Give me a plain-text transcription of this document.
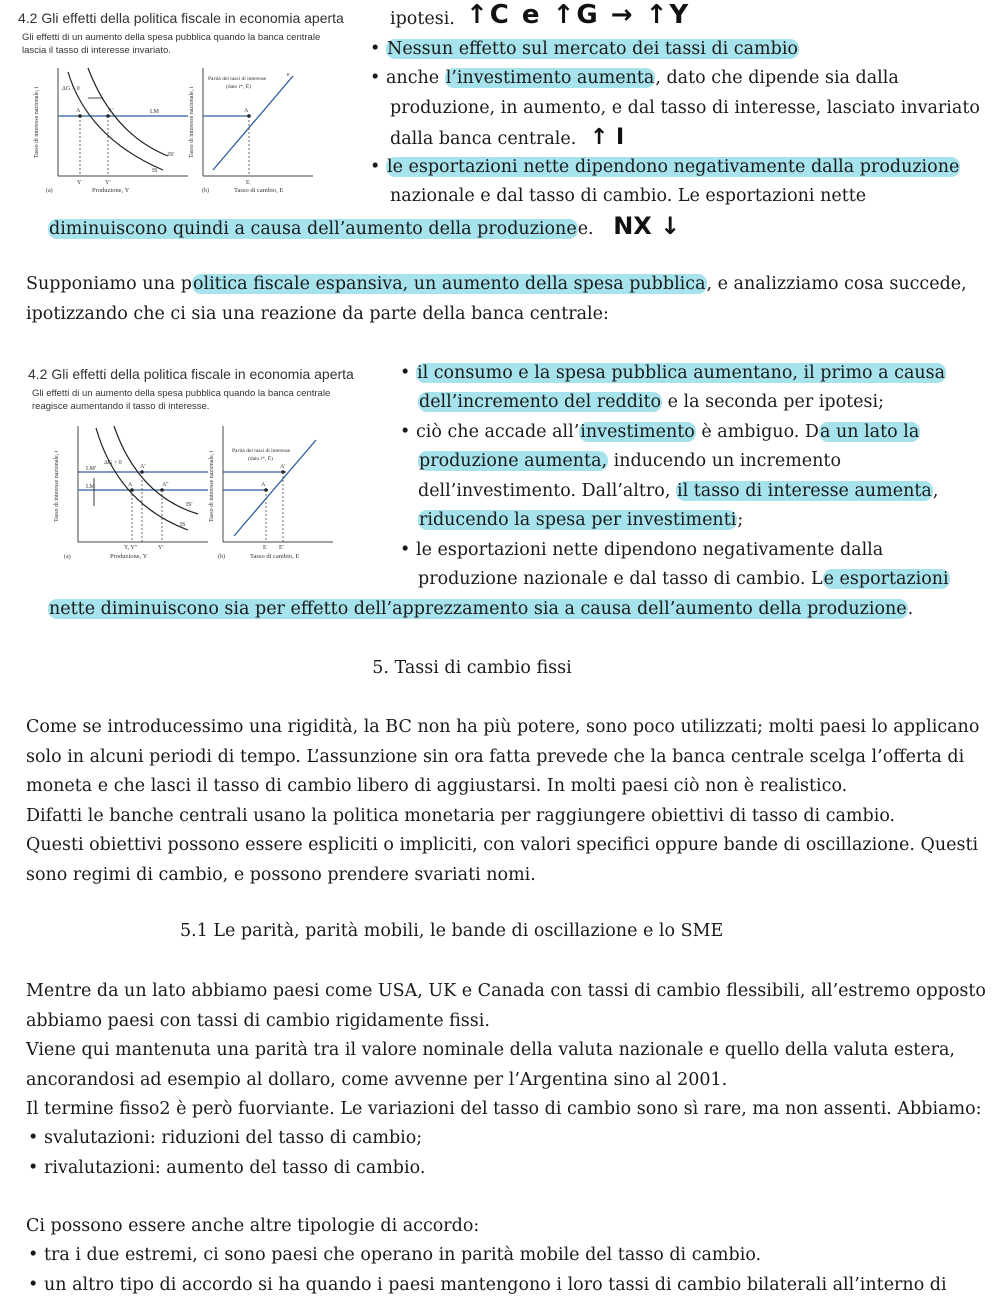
4.2 Gli effetti della politica fiscale in economia aperta
Gli effetti di un aumento della spesa pubblica quando la banca centrale
lascia il tasso di interesse invariato.
Tasso di interesse nazionale, i
Produzione, Y
(a)
LM
IS
IS'
ΔG > 0
A	A'
Y	Y'
Tasso di interesse nazionale, i
Tasso di cambio, E
(b)
Parità dei tassi di interesse
(dato i*, Ē)
A
e
E
↑C e ↑G → ↑Y
ipotesi.
• Nessun effetto sul mercato dei tassi di cambio
• anche l’investimento aumenta, dato che dipende sia dalla
produzione, in aumento, e dal tasso di interesse, lasciato invariato
dalla banca centrale. ↑ I
• le esportazioni nette dipendono negativamente dalla produzione
nazionale e dal tasso di cambio. Le esportazioni nette
diminuiscono quindi a causa dell’aumento della produzionee. NX ↓
Supponiamo una politica fiscale espansiva, un aumento della spesa pubblica, e analizziamo cosa succede,
ipotizzando che ci sia una reazione da parte della banca centrale:
4.2 Gli effetti della politica fiscale in economia aperta
Gli effetti di un aumento della spesa pubblica quando la banca centrale
reagisce aumentando il tasso di interesse.
Tasso di interesse nazionale, i
Produzione, Y
(a)
LM'
LM
IS
IS'
ΔG > 0
A
A'
A''
Y, Y''	Y'
Tasso di interesse nazionale, i
Tasso di cambio, E
(b)
Parità dei tassi di interesse
(dato i*, Ē)
A
A'
E E'
• il consumo e la spesa pubblica aumentano, il primo a causa
dell’incremento del reddito e la seconda per ipotesi;
• ciò che accade all’investimento è ambiguo. Da un lato la
produzione aumenta, inducendo un incremento
dell’investimento. Dall’altro, il tasso di interesse aumenta,
riducendo la spesa per investimenti;
• le esportazioni nette dipendono negativamente dalla
produzione nazionale e dal tasso di cambio. Le esportazioni
nette diminuiscono sia per effetto dell’apprezzamento sia a causa dell’aumento della produzione.
5. Tassi di cambio fissi
Come se introducessimo una rigidità, la BC non ha più potere, sono poco utilizzati; molti paesi lo applicano
solo in alcuni periodi di tempo. L’assunzione sin ora fatta prevede che la banca centrale scelga l’offerta di
moneta e che lasci il tasso di cambio libero di aggiustarsi. In molti paesi ciò non è realistico.
Difatti le banche centrali usano la politica monetaria per raggiungere obiettivi di tasso di cambio.
Questi obiettivi possono essere espliciti o impliciti, con valori specifici oppure bande di oscillazione. Questi
sono regimi di cambio, e possono prendere svariati nomi.
5.1 Le parità, parità mobili, le bande di oscillazione e lo SME
Mentre da un lato abbiamo paesi come USA, UK e Canada con tassi di cambio flessibili, all’estremo opposto
abbiamo paesi con tassi di cambio rigidamente fissi.
Viene qui mantenuta una parità tra il valore nominale della valuta nazionale e quello della valuta estera,
ancorandosi ad esempio al dollaro, come avvenne per l’Argentina sino al 2001.
Il termine fisso2 è però fuorviante. Le variazioni del tasso di cambio sono sì rare, ma non assenti. Abbiamo:
• svalutazioni: riduzioni del tasso di cambio;
• rivalutazioni: aumento del tasso di cambio.
Ci possono essere anche altre tipologie di accordo:
• tra i due estremi, ci sono paesi che operano in parità mobile del tasso di cambio.
• un altro tipo di accordo si ha quando i paesi mantengono i loro tassi di cambio bilaterali all’interno di
